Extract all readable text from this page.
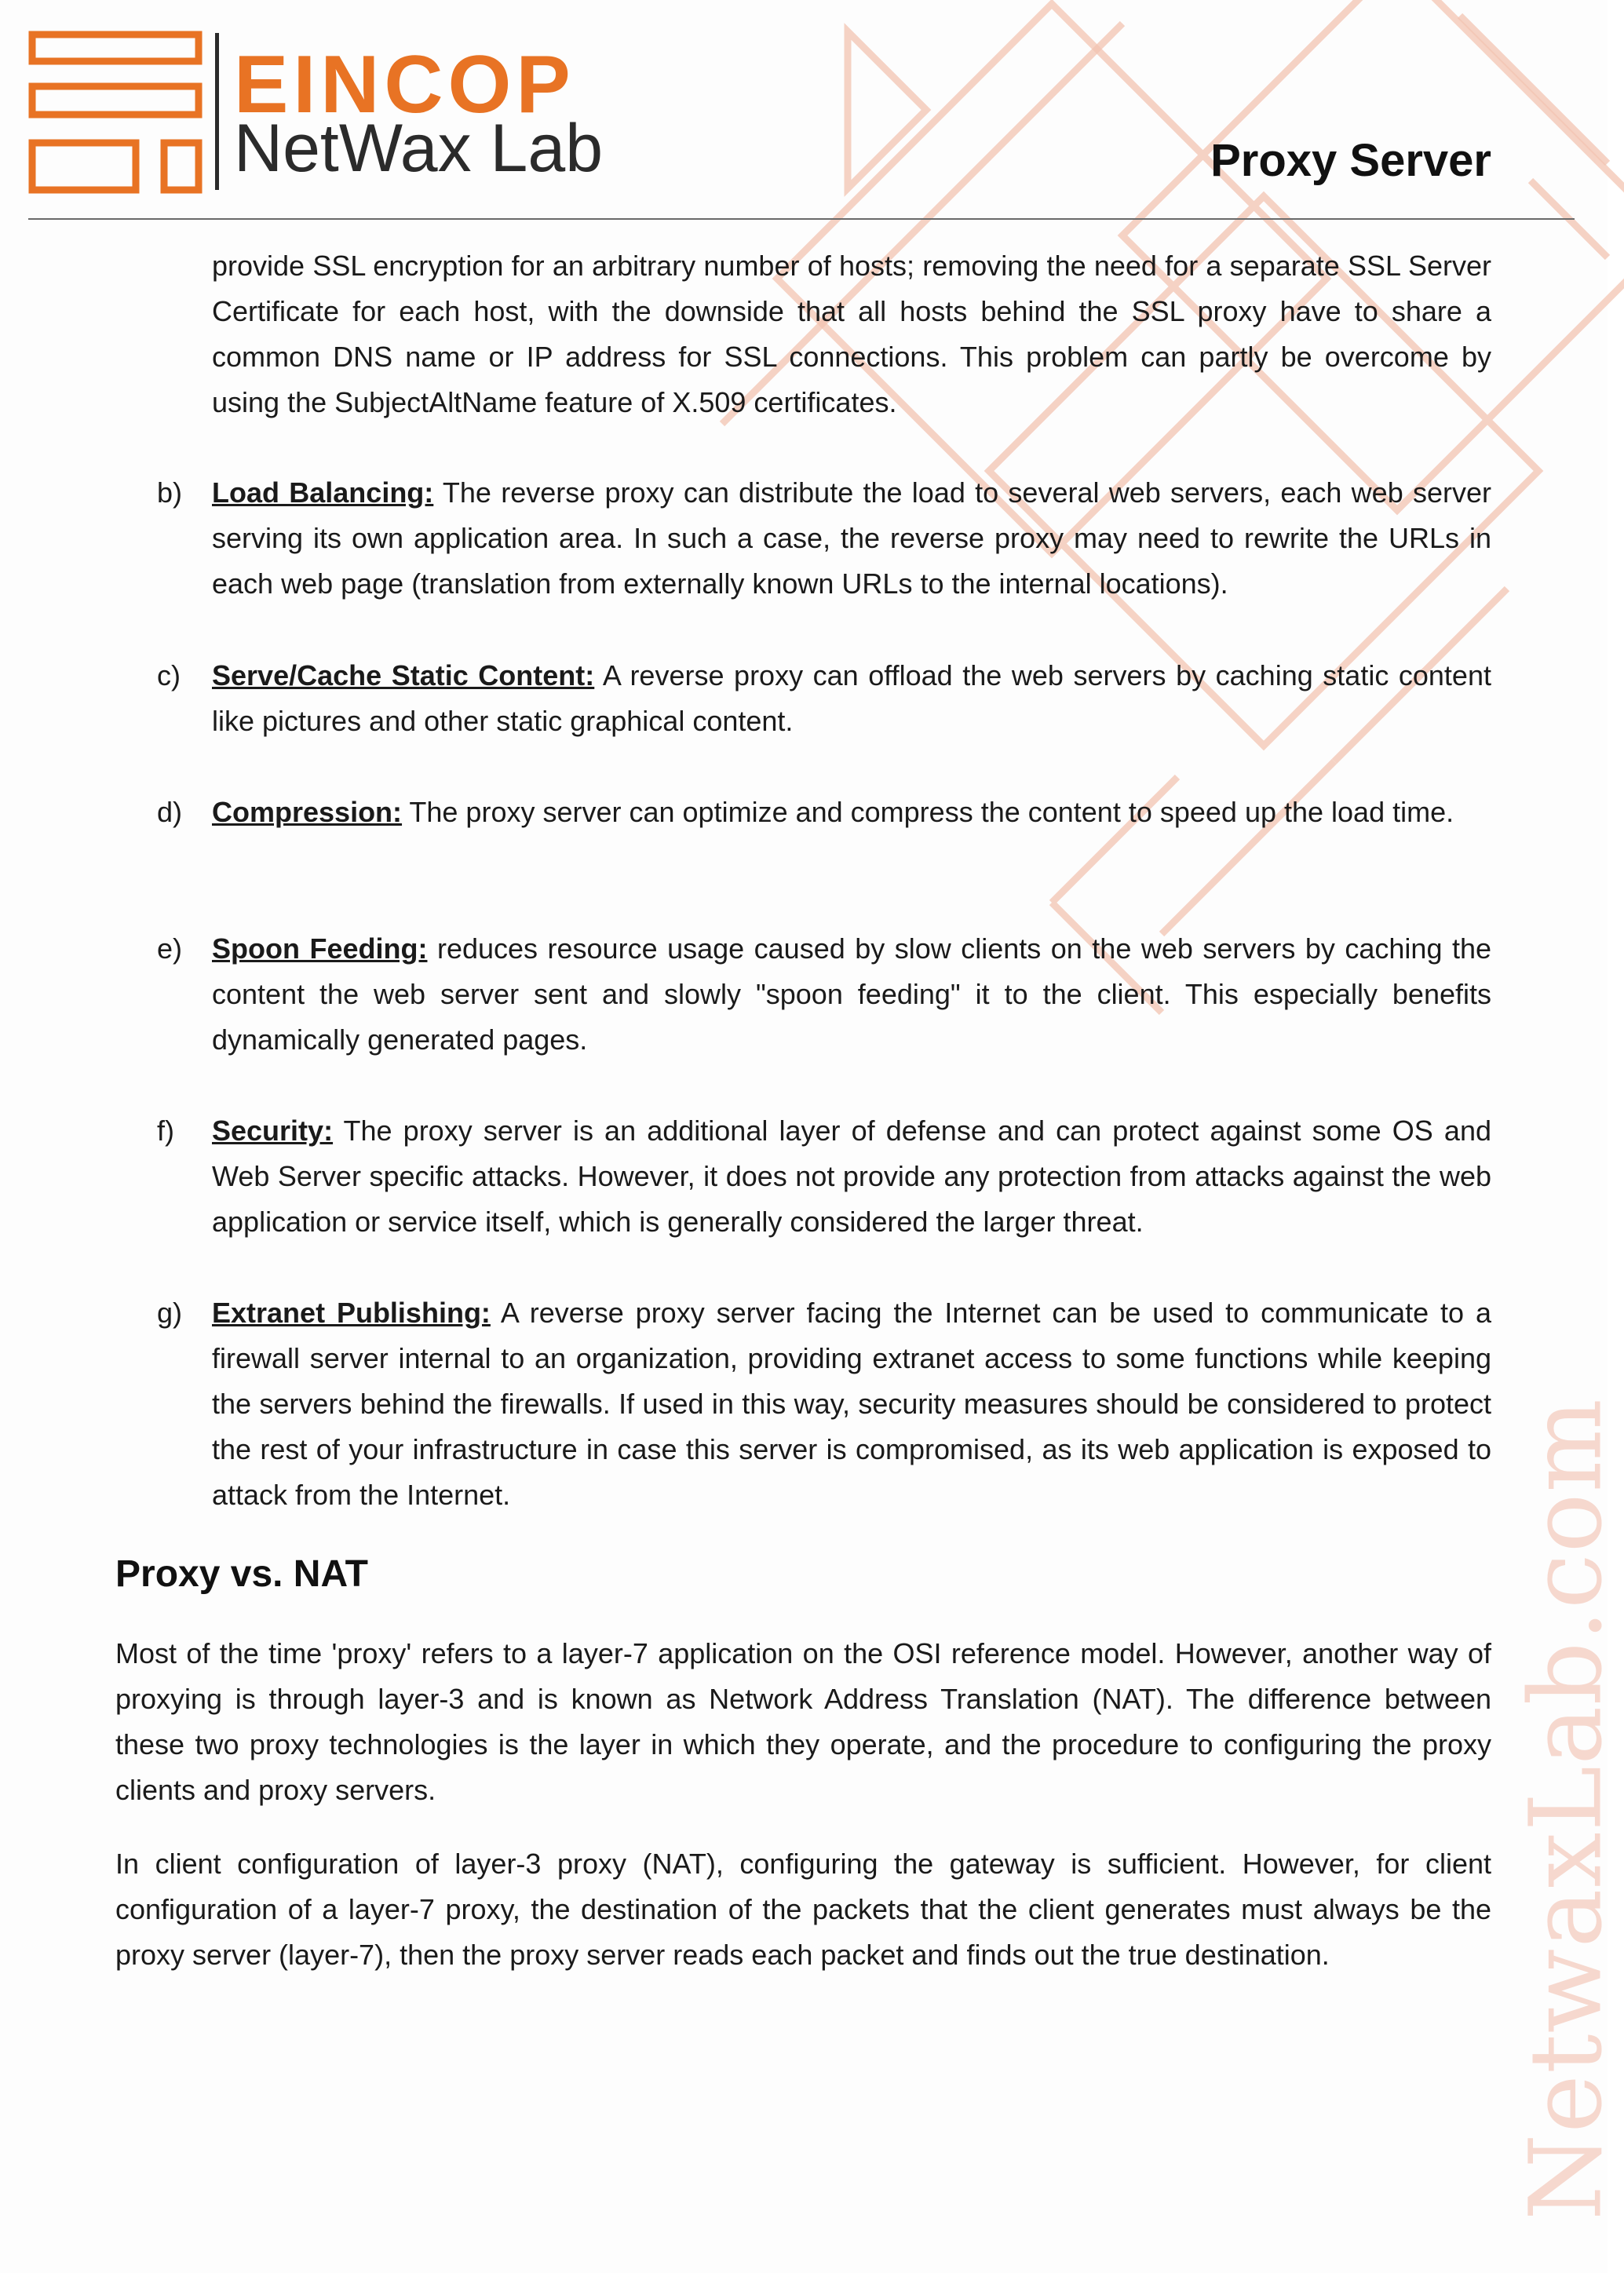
NetwaxLab.com
EINCOP
NetWax Lab	Proxy Server
provide SSL encryption for an arbitrary number of hosts; removing the need for a separate SSL Server Certificate for each host, with the downside that all hosts behind the SSL proxy have to share a common DNS name or IP address for SSL connections. This problem can partly be overcome by using the SubjectAltName feature of X.509 certificates.
b) Load Balancing: The reverse proxy can distribute the load to several web servers, each web server serving its own application area. In such a case, the reverse proxy may need to rewrite the URLs in each web page (translation from externally known URLs to the internal locations).
c) Serve/Cache Static Content: A reverse proxy can offload the web servers by caching static content like pictures and other static graphical content.
d) Compression: The proxy server can optimize and compress the content to speed up the load time.
e) Spoon Feeding: reduces resource usage caused by slow clients on the web servers by caching the content the web server sent and slowly "spoon feeding" it to the client. This especially benefits dynamically generated pages.
f) Security: The proxy server is an additional layer of defense and can protect against some OS and Web Server specific attacks. However, it does not provide any protection from attacks against the web application or service itself, which is generally considered the larger threat.
g) Extranet Publishing: A reverse proxy server facing the Internet can be used to communicate to a firewall server internal to an organization, providing extranet access to some functions while keeping the servers behind the firewalls. If used in this way, security measures should be considered to protect the rest of your infrastructure in case this server is compromised, as its web application is exposed to attack from the Internet.
Proxy vs. NAT
Most of the time 'proxy' refers to a layer-7 application on the OSI reference model. However, another way of proxying is through layer-3 and is known as Network Address Translation (NAT). The difference between these two proxy technologies is the layer in which they operate, and the procedure to configuring the proxy clients and proxy servers.
In client configuration of layer-3 proxy (NAT), configuring the gateway is sufficient. However, for client configuration of a layer-7 proxy, the destination of the packets that the client generates must always be the proxy server (layer-7), then the proxy server reads each packet and finds out the true destination.
